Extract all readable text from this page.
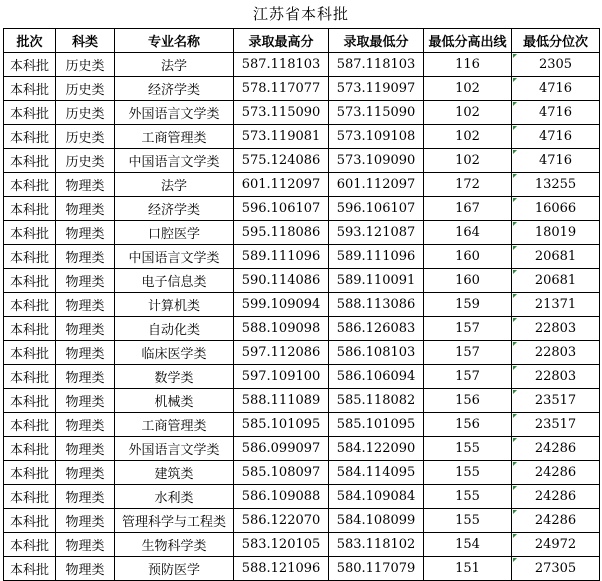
江苏省本科批
批次	科类	专业名称	录取最高分	录取最低分	最低分高出线	最低分位次
本科批	历史类	法学	587.118103	587.118103	116	2305
本科批	历史类	经济学类	578.117077	573.119097	102	4716
本科批	历史类	外国语言文学类	573.115090	573.115090	102	4716
本科批	历史类	工商管理类	573.119081	573.109108	102	4716
本科批	历史类	中国语言文学类	575.124086	573.109090	102	4716
本科批	物理类	法学	601.112097	601.112097	172	13255
本科批	物理类	经济学类	596.106107	596.106107	167	16066
本科批	物理类	口腔医学	595.118086	593.121087	164	18019
本科批	物理类	中国语言文学类	589.111096	589.111096	160	20681
本科批	物理类	电子信息类	590.114086	589.110091	160	20681
本科批	物理类	计算机类	599.109094	588.113086	159	21371
本科批	物理类	自动化类	588.109098	586.126083	157	22803
本科批	物理类	临床医学类	597.112086	586.108103	157	22803
本科批	物理类	数学类	597.109100	586.106094	157	22803
本科批	物理类	机械类	588.111089	585.118082	156	23517
本科批	物理类	工商管理类	585.101095	585.101095	156	23517
本科批	物理类	外国语言文学类	586.099097	584.122090	155	24286
本科批	物理类	建筑类	585.108097	584.114095	155	24286
本科批	物理类	水利类	586.109088	584.109084	155	24286
本科批	物理类	管理科学与工程类	586.122070	584.108099	155	24286
本科批	物理类	生物科学类	583.120105	583.118102	154	24972
本科批	物理类	预防医学	588.121096	580.117079	151	27305
